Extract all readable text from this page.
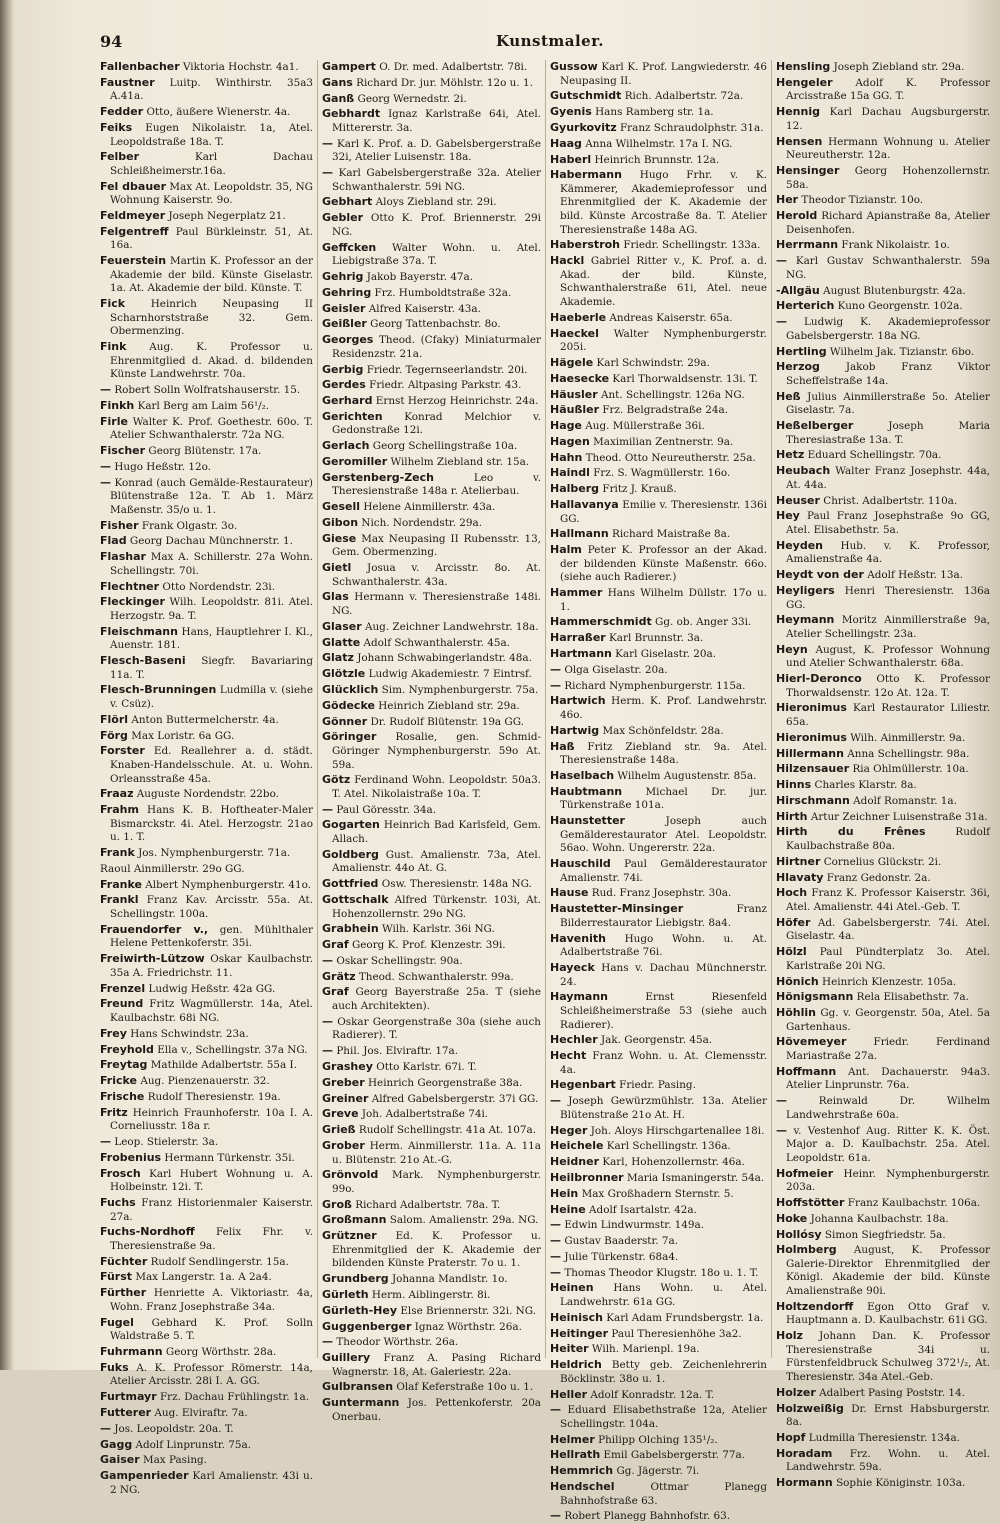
94	Kunstmaler.

Fallenbacher Viktoria Hochstr. 4a1.

Faustner Luitp. Winthirstr. 35a3 A.41a.

Fedder Otto, äußere Wienerstr. 4a.

Feiks Eugen Nikolaistr. 1a, Atel. Leopoldstraße 18a. T.

Felber	Karl Dachau Schleißheimerstr.16a.

Fel dbauer Max At. Leopoldstr. 35, NG Wohnung Kaiserstr. 9o.

Feldmeyer Joseph Negerplatz 21.

Felgentreff Paul Bürkleinstr. 51, At. 16a.

Feuerstein Martin K. Professor an der Akademie der bild. Künste Giselastr. 1a. At. Akademie der bild. Künste. T.

Fick Heinrich Neupasing II Scharnhorststraße 32. Gem. Obermenzing.

Fink Aug. K. Professor u. Ehrenmitglied d. Akad. d. bildenden Künste Landwehrstr. 70a.

— Robert Solln Wolfratshauserstr. 15.

Finkh Karl Berg am Laim 56¹/₂.

Firle Walter K. Prof. Goethestr. 60o. T. Atelier Schwanthalerstr. 72a NG.

Fischer Georg Blütenstr. 17a.

— Hugo Heßstr. 12o.

— Konrad (auch Gemälde-Restaurateur) Blütenstraße 12a. T. Ab 1. März Maßenstr. 35/o u. 1.

Fisher Frank Olgastr. 3o.

Flad Georg Dachau Münchnerstr. 1.

Flashar Max A. Schillerstr. 27a Wohn. Schellingstr. 70i.

Flechtner Otto Nordendstr. 23i.

Fleckinger Wilh. Leopoldstr. 81i. Atel. Herzogstr. 9a. T.

Fleischmann Hans, Hauptlehrer I. Kl., Auenstr. 181.

Flesch-Baseni Siegfr. Bavariaring 11a. T.

Flesch-Brunningen Ludmilla v. (siehe v. Csüz).

Flörl Anton Buttermelcherstr. 4a.

Förg Max Loristr. 6a GG.

Forster Ed. Reallehrer a. d. städt. Knaben-Handelsschule. At. u. Wohn. Orleansstraße 45a.

Fraaz Auguste Nordendstr. 22bo.

Frahm Hans K. B. Hoftheater-Maler Bismarckstr. 4i. Atel. Herzogstr. 21ao u. 1. T.

Frank Jos. Nymphenburgerstr. 71a.

Raoul Ainmillerstr. 29o GG.

Franke Albert Nymphenburgerstr. 41o.

Frankl Franz Kav. Arcisstr. 55a. At. Schellingstr. 100a.

Frauendorfer v., gen. Mühlthaler Helene Pettenkoferstr. 35i.

Freiwirth-Lützow Oskar Kaulbachstr. 35a A. Friedrichstr. 11.

Frenzel Ludwig Heßstr. 42a GG.

Freund Fritz Wagmüllerstr. 14a, Atel. Kaulbachstr. 68i NG.

Frey Hans Schwindstr. 23a.

Freyhold Ella v., Schellingstr. 37a NG.

Freytag Mathilde Adalbertstr. 55a I.

Fricke Aug. Pienzenauerstr. 32.

Frische Rudolf Theresienstr. 19a.

Fritz Heinrich Fraunhoferstr. 10a I. A. Corneliusstr. 18a r.

— Leop. Stielerstr. 3a.

Frobenius Hermann Türkenstr. 35i.

Frosch Karl Hubert Wohnung u. A. Holbeinstr. 12i. T.

Fuchs Franz Historienmaler Kaiserstr. 27a.

Fuchs-Nordhoff Felix Fhr. v. Theresienstraße 9a.

Füchter Rudolf Sendlingerstr. 15a.

Fürst Max Langerstr. 1a. A 2a4.

Fürther Henriette A. Viktoriastr. 4a, Wohn. Franz Josephstraße 34a.

Fugel Gebhard K. Prof. Solln Waldstraße 5. T.

Fuhrmann Georg Wörthstr. 28a.

Fuks A. K. Professor Römerstr. 14a, Atelier Arcisstr. 28i I. A. GG.

Furtmayr Frz. Dachau Frühlingstr. 1a.

Futterer Aug. Elviraftr. 7a.

— Jos. Leopoldstr. 20a. T.

Gagg Adolf Linprunstr. 75a.

Gaiser Max Pasing.

Gampenrieder Karl Amalienstr. 43i u. 2 NG.

Gampert O. Dr. med. Adalbertstr. 78i.

Gans Richard Dr. jur. Möhlstr. 12o u. 1.

Ganß Georg Wernedstr. 2i.

Gebhardt Ignaz Karlstraße 64i, Atel. Mittererstr. 3a.

— Karl K. Prof. a. D. Gabelsbergerstraße 32i, Atelier Luisenstr. 18a.

— Karl Gabelsbergerstraße 32a. Atelier Schwanthalerstr. 59i NG.

Gebhart Aloys Ziebland str. 29i.

Gebler Otto K. Prof. Briennerstr. 29i NG.

Geffcken Walter Wohn. u. Atel. Liebigstraße 37a. T.

Gehrig Jakob Bayerstr. 47a.

Gehring Frz. Humboldtstraße 32a.

Geisler Alfred Kaiserstr. 43a.

Geißler Georg Tattenbachstr. 8o.

Georges Theod. (Cfaky) Miniaturmaler Residenzstr. 21a.

Gerbig Friedr. Tegernseerlandstr. 20i.

Gerdes Friedr. Altpasing Parkstr. 43.

Gerhard Ernst Herzog Heinrichstr. 24a.

Gerichten Konrad Melchior v. Gedonstraße 12i.

Gerlach Georg Schellingstraße 10a.

Geromiller Wilhelm Ziebland str. 15a.

Gerstenberg-Zech	Leo v. Theresienstraße 148a r. Atelierbau.

Gesell Helene Ainmillerstr. 43a.

Gibon Nich. Nordendstr. 29a.

Giese Max Neupasing II Rubensstr. 13, Gem. Obermenzing.

Gietl Josua v. Arcisstr. 8o. At. Schwanthalerstr. 43a.

Glas Hermann v. Theresienstraße 148i. NG.

Glaser Aug. Zeichner Landwehrstr. 18a.

Glatte Adolf Schwanthalerstr. 45a.

Glatz Johann Schwabingerlandstr. 48a.

Glötzle Ludwig Akademiestr. 7 Eintrsf.

Glücklich Sim. Nymphenburgerstr. 75a.

Gödecke Heinrich Ziebland str. 29a.

Gönner Dr. Rudolf Blütenstr. 19a GG.

Göringer Rosalie, gen. Schmid-Göringer Nymphenburgerstr. 59o At. 59a.

Götz Ferdinand Wohn. Leopoldstr. 50a3. T. Atel. Nikolaistraße 10a. T.

— Paul Göresstr. 34a.

Gogarten Heinrich Bad Karlsfeld, Gem. Allach.

Goldberg Gust. Amalienstr. 73a, Atel. Amalienstr. 44o At. G.

Gottfried Osw. Theresienstr. 148a NG.

Gottschalk Alfred Türkenstr. 103i, At. Hohenzollernstr. 29o NG.

Grabhein Wilh. Karlstr. 36i NG.

Graf Georg K. Prof. Klenzestr. 39i.

— Oskar Schellingstr. 90a.

Grätz Theod. Schwanthalerstr. 99a.

Graf Georg Bayerstraße 25a. T (siehe auch Architekten).

— Oskar Georgenstraße 30a (siehe auch Radierer). T.

— Phil. Jos. Elviraftr. 17a.

Grashey Otto Karlstr. 67i. T.

Greber Heinrich Georgenstraße 38a.

Greiner Alfred Gabelsbergerstr. 37i GG.

Greve Joh. Adalbertstraße 74i.

Grieß Rudolf Schellingstr. 41a At. 107a.

Grober Herm. Ainmillerstr. 11a. A. 11a u. Blütenstr. 21o At.-G.

Grönvold Mark. Nymphenburgerstr. 99o.

Groß Richard Adalbertstr. 78a. T.

Großmann Salom. Amalienstr. 29a. NG.

Grützner Ed. K. Professor u. Ehrenmitglied der K. Akademie der bildenden Künste Praterstr. 7o u. 1.

Grundberg Johanna Mandlstr. 1o.

Gürleth Herm. Aiblingerstr. 8i.

Gürleth-Hey Else Briennerstr. 32i. NG.

Guggenberger Ignaz Wörthstr. 26a.

— Theodor Wörthstr. 26a.

Guillery Franz A. Pasing Richard Wagnerstr. 18, At. Galeriestr. 22a.

Gulbransen Olaf Keferstraße 10o u. 1.

Guntermann Jos. Pettenkoferstr. 20a Onerbau.

Gussow Karl K. Prof. Langwiederstr. 46 Neupasing II.

Gutschmidt Rich. Adalbertstr. 72a.

Gyenis Hans Ramberg str. 1a.

Gyurkovitz Franz Schraudolphstr. 31a.

Haag Anna Wilhelmstr. 17a I. NG.

Haberl Heinrich Brunnstr. 12a.

Habermann Hugo Frhr. v. K. Kämmerer, Akademieprofessor und Ehrenmitglied der K. Akademie der bild. Künste Arcostraße 8a. T. Atelier Theresienstraße 148a AG.

Haberstroh Friedr. Schellingstr. 133a.

Hackl Gabriel Ritter v., K. Prof. a. d. Akad. der bild. Künste, Schwanthalerstraße 61i, Atel. neue Akademie.

Haeberle Andreas Kaiserstr. 65a.

Haeckel Walter Nymphenburgerstr. 205i.

Hägele Karl Schwindstr. 29a.

Haesecke Karl Thorwaldsenstr. 13i. T.

Häusler Ant. Schellingstr. 126a NG.

Häußler Frz. Belgradstraße 24a.

Hage Aug. Müllerstraße 36i.

Hagen Maximilian Zentnerstr. 9a.

Hahn Theod. Otto Neureutherstr. 25a.

Haindl Frz. S. Wagmüllerstr. 16o.

Halberg Fritz J. Krauß.

Hallavanya Emilie v. Theresienstr. 136i GG.

Hallmann Richard Maistraße 8a.

Halm Peter K. Professor an der Akad. der bildenden Künste Maßenstr. 66o. (siehe auch Radierer.)

Hammer Hans Wilhelm Düllstr. 17o u. 1.

Hammerschmidt Gg. ob. Anger 33i.

Harraßer Karl Brunnstr. 3a.

Hartmann Karl Giselastr. 20a.

— Olga Giselastr. 20a.

— Richard Nymphenburgerstr. 115a.

Hartwich Herm. K. Prof. Landwehrstr. 46o.

Hartwig Max Schönfeldstr. 28a.

Haß Fritz Ziebland str. 9a. Atel. Theresienstraße 148a.

Haselbach Wilhelm Augustenstr. 85a.

Haubtmann Michael Dr. jur. Türkenstraße 101a.

Haunstetter	Joseph auch Gemälderestaurator Atel. Leopoldstr. 56ao. Wohn. Ungererstr. 22a.

Hauschild Paul Gemälderestaurator Amalienstr. 74i.

Hause Rud. Franz Josephstr. 30a.

Haustetter-Minsinger	Franz Bilderrestaurator Liebigstr. 8a4.

Havenith Hugo Wohn. u. At. Adalbertstraße 76i.

Hayeck Hans v. Dachau Münchnerstr. 24.

Haymann	Ernst Riesenfeld Schleißheimerstraße 53 (siehe auch Radierer).

Hechler Jak. Georgenstr. 45a.

Hecht Franz Wohn. u. At. Clemensstr. 4a.

Hegenbart Friedr. Pasing.

— Joseph Gewürzmühlstr. 13a. Atelier Blütenstraße 21o At. H.

Heger Joh. Aloys Hirschgartenallee 18i.

Heichele Karl Schellingstr. 136a.

Heidner Karl, Hohenzollernstr. 46a.

Heilbronner Maria Ismaningerstr. 54a.

Hein Max Großhadern Sternstr. 5.

Heine Adolf Isartalstr. 42a.

— Edwin Lindwurmstr. 149a.

— Gustav Baaderstr. 7a.

— Julie Türkenstr. 68a4.

— Thomas Theodor Klugstr. 18o u. 1. T.

Heinen Hans Wohn. u. Atel. Landwehrstr. 61a GG.

Heinisch Karl Adam Frundsbergstr. 1a.

Heitinger Paul Theresienhöhe 3a2.

Heiter Wilh. Marienpl. 19a.

Heldrich Betty geb. Zeichenlehrerin Böcklinstr. 38o u. 1.

Heller Adolf Konradstr. 12a. T.

— Eduard Elisabethstraße 12a, Atelier Schellingstr. 104a.

Helmer Philipp Olching 135¹/₂.

Hellrath Emil Gabelsbergerstr. 77a.

Hemmrich Gg. Jägerstr. 7i.

Hendschel	Ottmar Planegg Bahnhofstraße 63.

— Robert Planegg Bahnhofstr. 63.

Hensling Joseph Ziebland str. 29a.

Hengeler Adolf K. Professor Arcisstraße 15a GG. T.

Hennig Karl Dachau Augsburgerstr. 12.

Hensen Hermann Wohnung u. Atelier Neureutherstr. 12a.

Hensinger Georg Hohenzollernstr. 58a.

Her Theodor Tizianstr. 10o.

Herold Richard Apianstraße 8a, Atelier Deisenhofen.

Herrmann Frank Nikolaistr. 1o.

— Karl Gustav Schwanthalerstr. 59a NG.

-Allgäu August Blutenburgstr. 42a.

Herterich Kuno Georgenstr. 102a.

— Ludwig K. Akademieprofessor Gabelsbergerstr. 18a NG.

Hertling Wilhelm Jak. Tizianstr. 6bo.

Herzog Jakob Franz Viktor Scheffelstraße 14a.

Heß Julius Ainmillerstraße 5o. Atelier Giselastr. 7a.

Heßelberger	Joseph Maria Theresiastraße 13a. T.

Hetz Eduard Schellingstr. 70a.

Heubach Walter Franz Josephstr. 44a, At. 44a.

Heuser Christ. Adalbertstr. 110a.

Hey Paul Franz Josephstraße 9o GG, Atel. Elisabethstr. 5a.

Heyden Hub. v. K. Professor, Amalienstraße 4a.

Heydt von der Adolf Heßstr. 13a.

Heyligers Henri Theresienstr. 136a GG.

Heymann Moritz Ainmillerstraße 9a, Atelier Schellingstr. 23a.

Heyn August, K. Professor Wohnung und Atelier Schwanthalerstr. 68a.

Hierl-Deronco Otto K. Professor Thorwaldsenstr. 12o At. 12a. T.

Hieronimus Karl Restaurator Liliestr. 65a.

Hieronimus Wilh. Ainmillerstr. 9a.

Hillermann Anna Schellingstr. 98a.

Hilzensauer Ria Ohlmüllerstr. 10a.

Hinns Charles Klarstr. 8a.

Hirschmann Adolf Romanstr. 1a.

Hirth Artur Zeichner Luisenstraße 31a.

Hirth du Frênes	Rudolf Kaulbachstraße 80a.

Hirtner Cornelius Glückstr. 2i.

Hlavaty Franz Gedonstr. 2a.

Hoch Franz K. Professor Kaiserstr. 36i, Atel. Amalienstr. 44i Atel.-Geb. T.

Höfer Ad. Gabelsbergerstr. 74i. Atel. Giselastr. 4a.

Hölzl Paul Pündterplatz 3o. Atel. Karlstraße 20i NG.

Hönich Heinrich Klenzestr. 105a.

Hönigsmann Rela Elisabethstr. 7a.

Höhlin Gg. v. Georgenstr. 50a, Atel. 5a Gartenhaus.

Hövemeyer	Friedr. Ferdinand Mariastraße 27a.

Hoffmann Ant. Dachauerstr. 94a3. Atelier Linprunstr. 76a.

—	Reinwald Dr. Wilhelm Landwehrstraße 60a.

— v. Vestenhof Aug. Ritter K. K. Öst. Major a. D. Kaulbachstr. 25a. Atel. Leopoldstr. 61a.

Hofmeier Heinr. Nymphenburgerstr. 203a.

Hoffstötter Franz Kaulbachstr. 106a.

Hoke Johanna Kaulbachstr. 18a.

Hollósy Simon Siegfriedstr. 5a.

Holmberg August, K. Professor Galerie-Direktor Ehrenmitglied der Königl. Akademie der bild. Künste Amalienstraße 90i.

Holtzendorff Egon Otto Graf v. Hauptmann a. D. Kaulbachstr. 61i GG.

Holz Johann Dan. K. Professor Theresienstraße 34i u. Fürstenfeldbruck Schulweg 372¹/₂, At. Theresienstr. 34a Atel.-Geb.

Holzer Adalbert Pasing Poststr. 14.

Holzweißig Dr. Ernst Habsburgerstr. 8a.

Hopf Ludmilla Theresienstr. 134a.

Horadam Frz. Wohn. u. Atel. Landwehrstr. 59a.

Hormann Sophie Königinstr. 103a.
